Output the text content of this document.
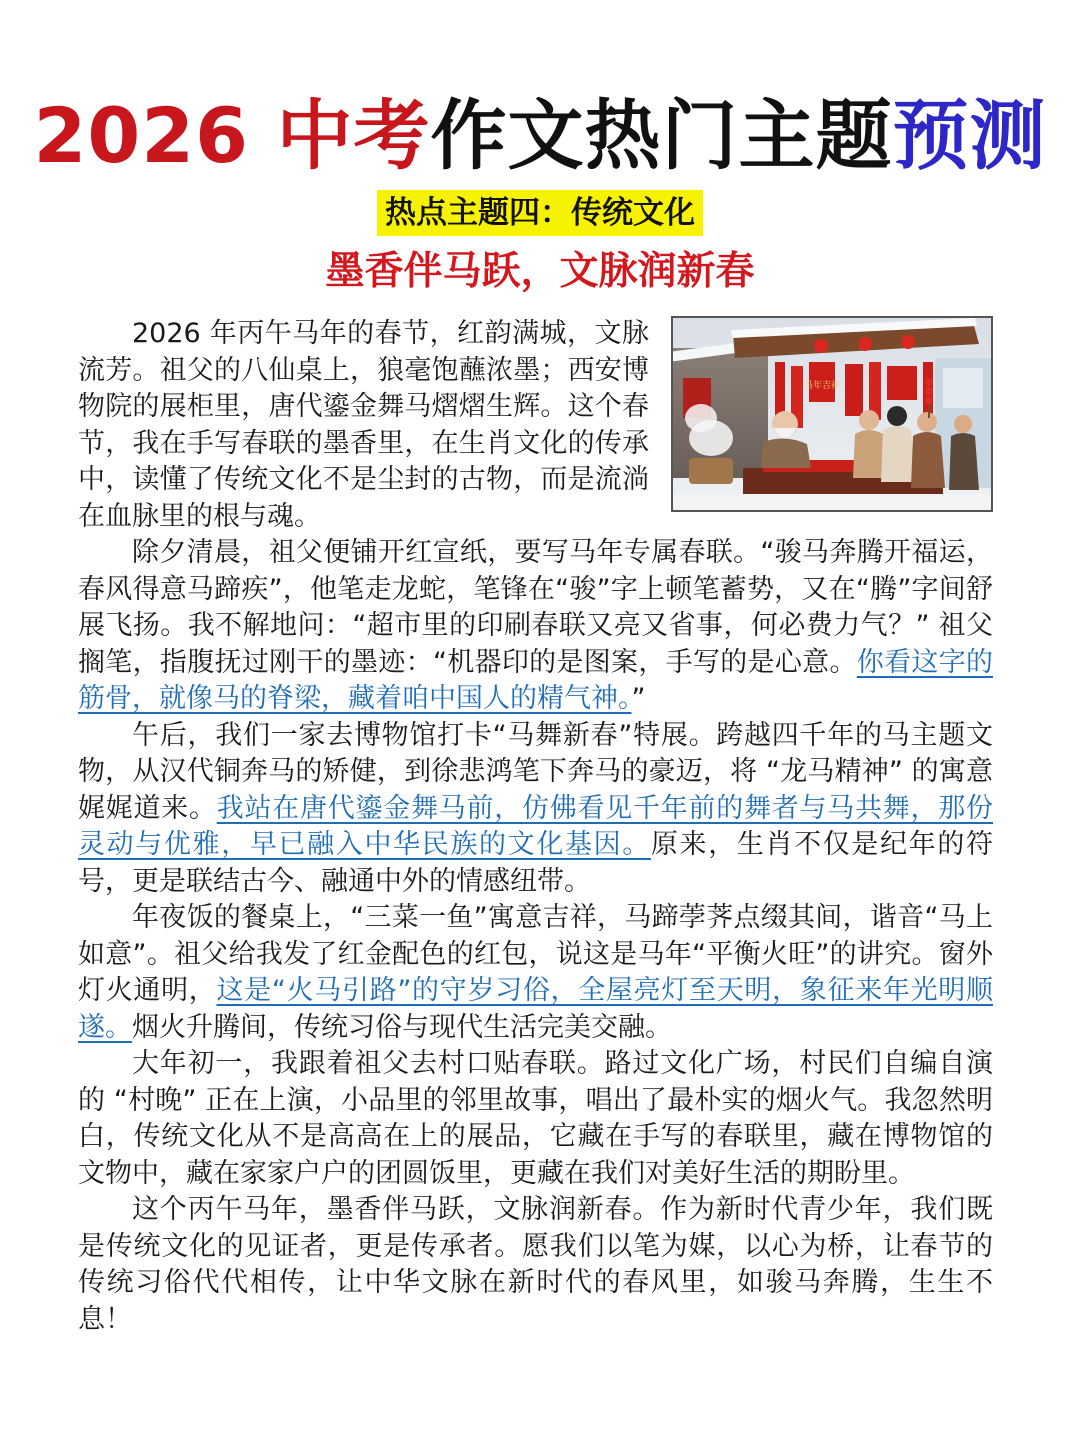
2026 中考作文热门主题预测
热点主题四：传统文化
墨香伴马跃，文脉润新春
马年吉祥

2026 年丙午马年的春节，红韵满城，文脉流芳。祖父的八仙桌上，狼毫饱蘸浓墨；西安博物院的展柜里，唐代鎏金舞马熠熠生辉。这个春节，我在手写春联的墨香里，在生肖文化的传承中，读懂了传统文化不是尘封的古物，而是流淌在血脉里的根与魂。

除夕清晨，祖父便铺开红宣纸，要写马年专属春联。“骏马奔腾开福运，春风得意马蹄疾”，他笔走龙蛇，笔锋在“骏”字上顿笔蓄势，又在“腾”字间舒展飞扬。我不解地问：“超市里的印刷春联又亮又省事，何必费力气？” 祖父搁笔，指腹抚过刚干的墨迹：“机器印的是图案，手写的是心意。你看这字的筋骨，就像马的脊梁，藏着咱中国人的精气神。”

午后，我们一家去博物馆打卡“马舞新春”特展。跨越四千年的马主题文物，从汉代铜奔马的矫健，到徐悲鸿笔下奔马的豪迈，将 “龙马精神” 的寓意娓娓道来。我站在唐代鎏金舞马前，仿佛看见千年前的舞者与马共舞，那份灵动与优雅，早已融入中华民族的文化基因。原来，生肖不仅是纪年的符号，更是联结古今、融通中外的情感纽带。

年夜饭的餐桌上，“三菜一鱼”寓意吉祥，马蹄荸荠点缀其间，谐音“马上如意”。祖父给我发了红金配色的红包，说这是马年“平衡火旺”的讲究。窗外灯火通明，这是“火马引路”的守岁习俗，全屋亮灯至天明，象征来年光明顺遂。烟火升腾间，传统习俗与现代生活完美交融。

大年初一，我跟着祖父去村口贴春联。路过文化广场，村民们自编自演的 “村晚” 正在上演，小品里的邻里故事，唱出了最朴实的烟火气。我忽然明白，传统文化从不是高高在上的展品，它藏在手写的春联里，藏在博物馆的文物中，藏在家家户户的团圆饭里，更藏在我们对美好生活的期盼里。

这个丙午马年，墨香伴马跃，文脉润新春。作为新时代青少年，我们既是传统文化的见证者，更是传承者。愿我们以笔为媒，以心为桥，让春节的传统习俗代代相传，让中华文脉在新时代的春风里，如骏马奔腾，生生不息！
